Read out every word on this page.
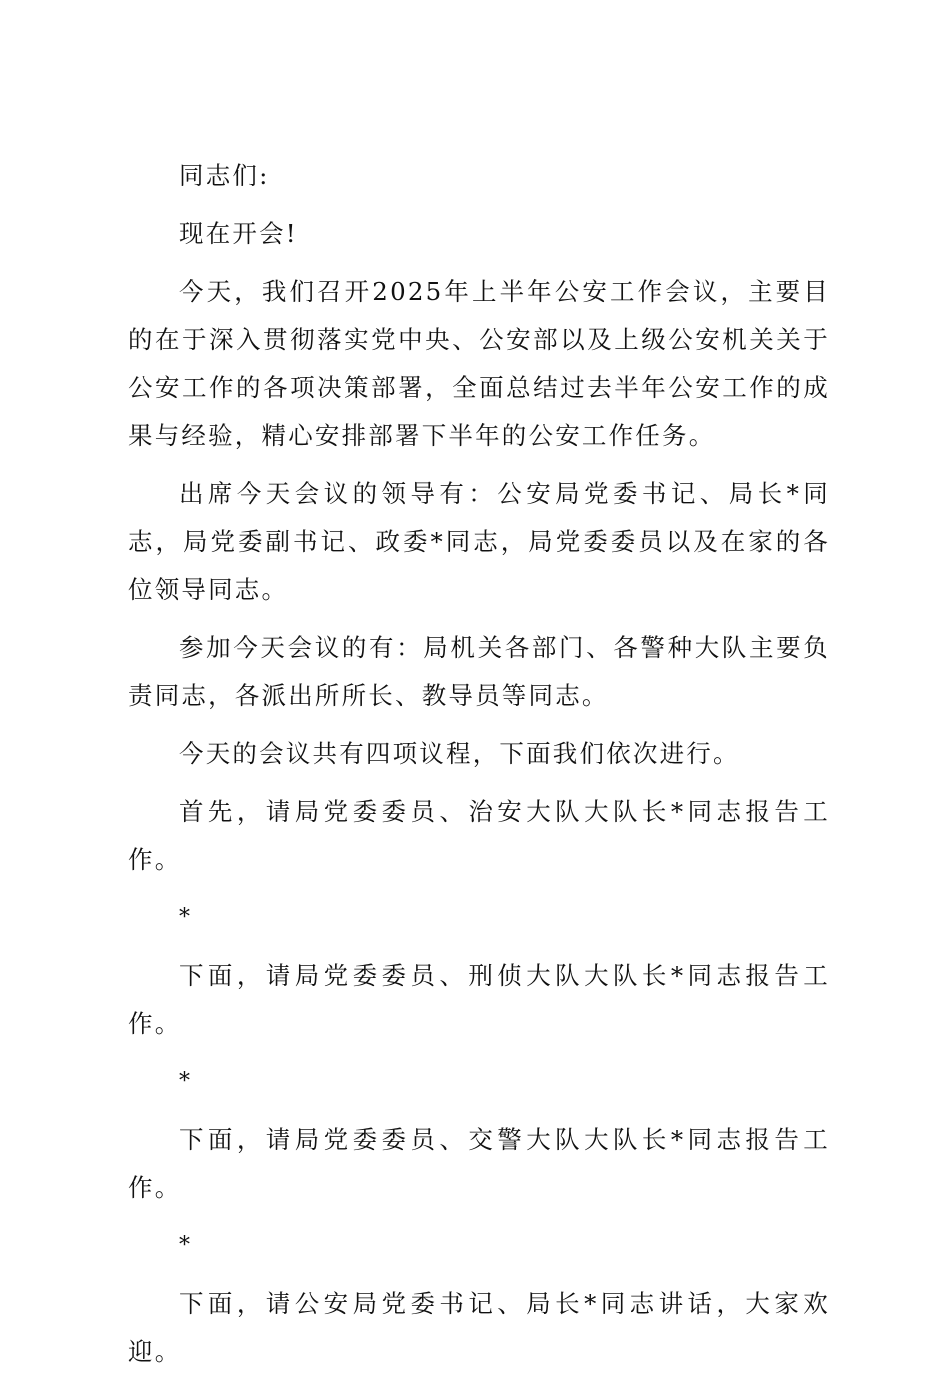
同志们:

现在开会!

今天，我们召开2025年上半年公安工作会议，主要目的在于深入贯彻落实党中央、公安部以及上级公安机关关于公安工作的各项决策部署，全面总结过去半年公安工作的成果与经验，精心安排部署下半年的公安工作任务。

出席今天会议的领导有：公安局党委书记、局长*同志，局党委副书记、政委*同志，局党委委员以及在家的各位领导同志。

参加今天会议的有：局机关各部门、各警种大队主要负责同志，各派出所所长、教导员等同志。

今天的会议共有四项议程，下面我们依次进行。

首先，请局党委委员、治安大队大队长*同志报告工作。

*

下面，请局党委委员、刑侦大队大队长*同志报告工作。

*

下面，请局党委委员、交警大队大队长*同志报告工作。

*

下面，请公安局党委书记、局长*同志讲话，大家欢迎。
